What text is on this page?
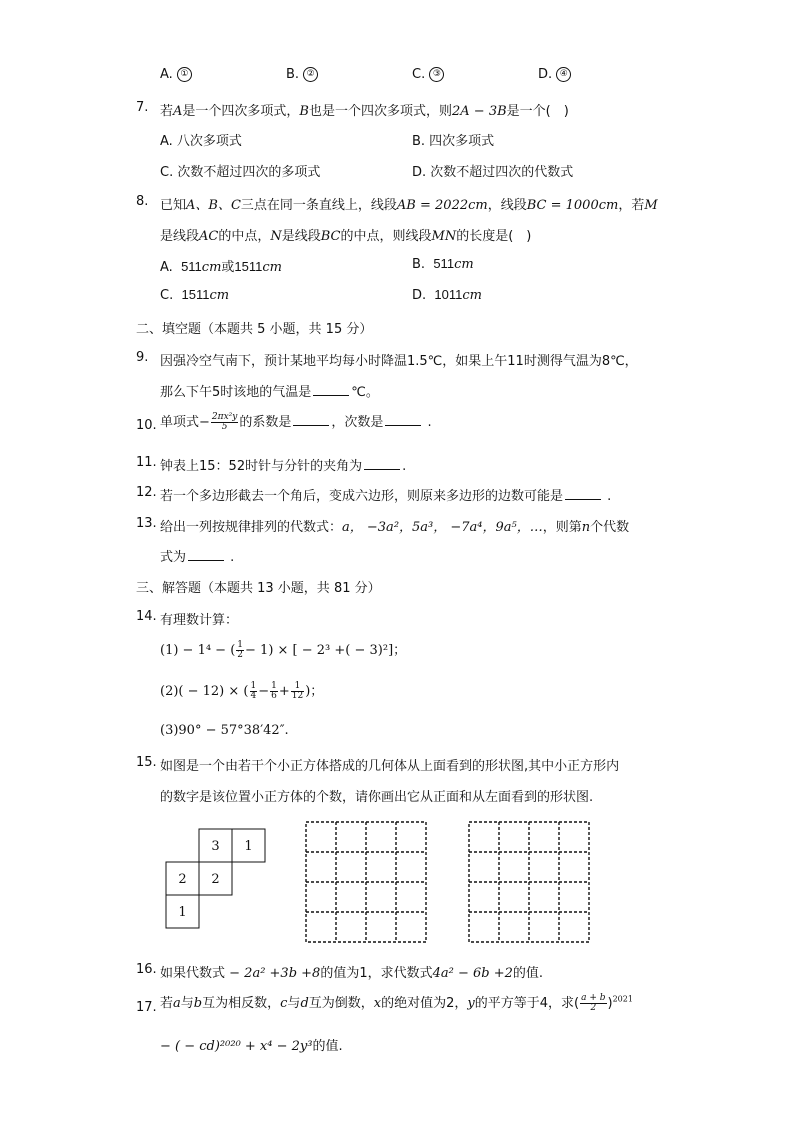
A. ①	B. ②	C. ③	D. ④
7. 若A是一个四次多项式，B也是一个四次多项式，则2A − 3B是一个(　)
A. 八次多项式	B. 四次多项式
C. 次数不超过四次的多项式	D. 次数不超过四次的代数式
8. 已知A、B、C三点在同一条直线上，线段AB = 2022cm，线段BC = 1000cm，若M
是线段AC的中点，N是线段BC的中点，则线段MN的长度是(　)
A. 511cm或1511cm	B. 511cm
C. 1511cm	D. 1011cm
二、填空题（本题共 5 小题，共 15 分）
9. 因强冷空气南下，预计某地平均每小时降温1.5℃，如果上午11时测得气温为8℃，
那么下午5时该地的气温是	℃。
10. 单项式− $\frac{\text{2πx²y}}{5}$ 的系数是	，次数是	.
11. 钟表上15：52时针与分针的夹角为	.
12. 若一个多边形截去一个角后，变成六边形，则原来多边形的边数可能是	.
13. 给出一列按规律排列的代数式：a， −3a²，5a³， −7a⁴，9a⁵，…，则第n个代数
式为	.
三、解答题（本题共 13 小题，共 81 分）
14. 有理数计算：
(1) − 1⁴ − ( $\frac{1}{2} - 1$) × [ − 2³ +( − 3)²]；
(2)( − 12) × ( $\frac{1}{4} - \frac{1}{6} + \frac{1}{12}$ )；
(3)90° − 57°38′42″.
15. 如图是一个由若干个小正方体搭成的几何体从上面看到的形状图,其中小正方形内
的数字是该位置小正方体的个数，请你画出它从正面和从左面看到的形状图.
3 1
2 2
1
16. 如果代数式 − 2a² +3b +8的值为1，求代数式4a² − 6b +2的值.
17. 若a与b互为相反数，c与d互为倒数，x的绝对值为2，y的平方等于4，求( $\frac{a + b}{2} )^{2021}$
− ( − cd)²⁰²⁰ + x⁴ − 2y³的值.
